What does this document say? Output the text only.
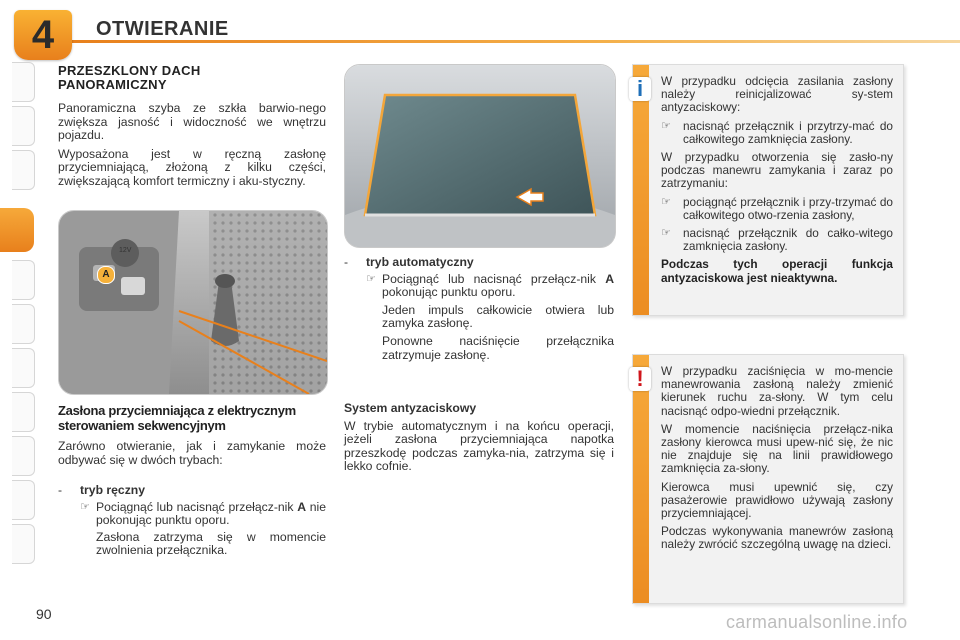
4 OTWIERANIE
PRZESZKLONY DACH
PANORAMICZNY

Panoramiczna szyba ze szkła barwio-nego zwiększa jasność i widoczność we wnętrzu pojazdu.

Wyposażona jest w ręczną zasłonę przyciemniającą, złożoną z kilku części, zwiększającą komfort termiczny i aku-styczny.

A
12V
Zasłona przyciemniająca z elektrycznym sterowaniem sekwencyjnym

Zarówno otwieranie, jak i zamykanie może odbywać się w dwóch trybach:

-	tryb ręczny
☞ Pociągnąć lub nacisnąć przełącz-nik A nie pokonując punktu oporu.
Zasłona zatrzyma się w momencie zwolnienia przełącznika.
-	tryb automatyczny
☞ Pociągnąć lub nacisnąć przełącz-nik A pokonując punktu oporu.
Jeden impuls całkowicie otwiera lub zamyka zasłonę.
Ponowne naciśnięcie przełącznika zatrzymuje zasłonę.
System antyzaciskowy
W trybie automatycznym i na końcu operacji, jeżeli zasłona przyciemniająca napotka przeszkodę podczas zamyka-nia, zatrzyma się i lekko cofnie.
i	W przypadku odcięcia zasilania zasłony należy reinicjalizować sy-stem antyzaciskowy:

☞	nacisnąć przełącznik i przytrzy-mać do całkowitego zamknięcia zasłony.

W przypadku otworzenia się zasło-ny podczas manewru zamykania i zaraz po zatrzymaniu:

☞	pociągnąć przełącznik i przy-trzymać do całkowitego otwo-rzenia zasłony,
☞	nacisnąć przełącznik do całko-witego zamknięcia zasłony.

Podczas tych operacji funkcja antyzaciskowa jest nieaktywna.

!	W przypadku zaciśnięcia w mo-mencie manewrowania zasłoną należy zmienić kierunek ruchu za-słony. W tym celu nacisnąć odpo-wiedni przełącznik.

W momencie naciśnięcia przełącz-nika zasłony kierowca musi upew-nić się, że nic nie znajduje się na linii prawidłowego zamknięcia za-słony.

Kierowca musi upewnić się, czy pasażerowie prawidłowo używają zasłony przyciemniającej.

Podczas wykonywania manewrów zasłoną należy zwrócić szczególną uwagę na dzieci.

90	carmanualsonline.info
